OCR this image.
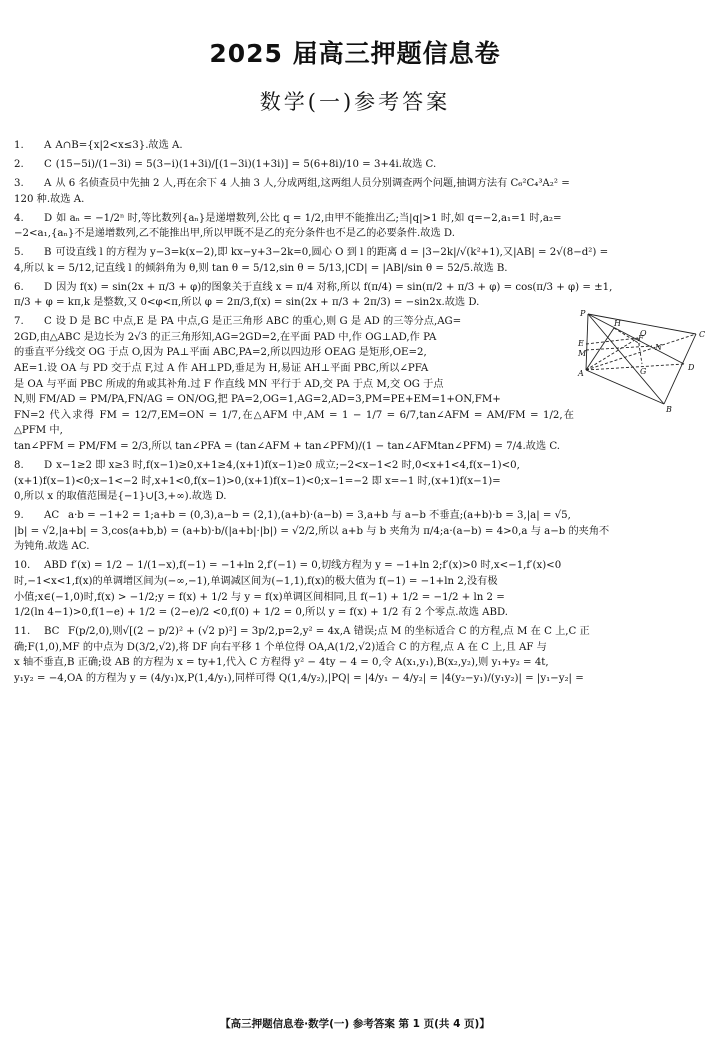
2025 届高三押题信息卷
数学(一)参考答案
1. A A∩B={x|2<x≤3}.故选 A.
2. C (15−5i)/(1−3i) = 5(3−i)(1+3i)/[(1−3i)(1+3i)] = 5(6+8i)/10 = 3+4i.故选 C.
3. A 从 6 名侦查员中先抽 2 人,再在余下 4 人抽 3 人,分成两组,这两组人员分别调查两个问题,抽调方法有 C₆²C₄³A₂² =
120 种.故选 A.
4. D 如 aₙ = −1/2ⁿ 时,等比数列{aₙ}是递增数列,公比 q = 1/2,由甲不能推出乙;当|q|>1 时,如 q=−2,a₁=1 时,a₂=
−2<a₁,{aₙ}不是递增数列,乙不能推出甲,所以甲既不是乙的充分条件也不是乙的必要条件.故选 D.
5. B 可设直线 l 的方程为 y−3=k(x−2),即 kx−y+3−2k=0,圆心 O 到 l 的距离 d = |3−2k|/√(k²+1),又|AB| = 2√(8−d²) =
4,所以 k = 5/12,记直线 l 的倾斜角为 θ,则 tan θ = 5/12,sin θ = 5/13,|CD| = |AB|/sin θ = 52/5.故选 B.
6. D 因为 f(x) = sin(2x + π/3 + φ)的图象关于直线 x = π/4 对称,所以 f(π/4) = sin(π/2 + π/3 + φ) = cos(π/3 + φ) = ±1,
π/3 + φ = kπ,k 是整数,又 0<φ<π,所以 φ = 2π/3,f(x) = sin(2x + π/3 + 2π/3) = −sin2x.故选 D.
7. C 设 D 是 BC 中点,E 是 PA 中点,G 是正三角形 ABC 的重心,则 G 是 AD 的三等分点,AG=
2GD,由△ABC 是边长为 2√3 的正三角形知,AG=2GD=2,在平面 PAD 中,作 OG⊥AD,作 PA
的垂直平分线交 OG 于点 O,因为 PA⊥平面 ABC,PA=2,所以四边形 OEAG 是矩形,OE=2,
AE=1.设 OA 与 PD 交于点 F,过 A 作 AH⊥PD,垂足为 H,易证 AH⊥平面 PBC,所以∠PFA
是 OA 与平面 PBC 所成的角或其补角.过 F 作直线 MN 平行于 AD,交 PA 于点 M,交 OG 于点
N,则 FM/AD = PM/PA,FN/AG = ON/OG,把 PA=2,OG=1,AG=2,AD=3,PM=PE+EM=1+ON,FM+
FN=2 代入求得 FM = 12/7,EM=ON = 1/7,在△AFM 中,AM = 1 − 1/7 = 6/7,tan∠AFM = AM/FM = 1/2,在△PFM 中,
tan∠PFM = PM/FM = 2/3,所以 tan∠PFA = (tan∠AFM + tan∠PFM)/(1 − tan∠AFMtan∠PFM) = 7/4.故选 C.
P
H
E
M
F
O
N
A	G	D
C
B
8. D x−1≥2 即 x≥3 时,f(x−1)≥0,x+1≥4,(x+1)f(x−1)≥0 成立;−2<x−1<2 时,0<x+1<4,f(x−1)<0,
(x+1)f(x−1)<0;x−1<−2 时,x+1<0,f(x−1)>0,(x+1)f(x−1)<0;x−1=−2 即 x=−1 时,(x+1)f(x−1)=
0,所以 x 的取值范围是{−1}∪[3,+∞).故选 D.
9. AC a·b = −1+2 = 1;a+b = (0,3),a−b = (2,1),(a+b)·(a−b) = 3,a+b 与 a−b 不垂直;(a+b)·b = 3,|a| = √5,
|b| = √2,|a+b| = 3,cos⟨a+b,b⟩ = (a+b)·b/(|a+b|·|b|) = √2/2,所以 a+b 与 b 夹角为 π/4;a·(a−b) = 4>0,a 与 a−b 的夹角不
为钝角.故选 AC.
10. ABD f′(x) = 1/2 − 1/(1−x),f(−1) = −1+ln 2,f′(−1) = 0,切线方程为 y = −1+ln 2;f′(x)>0 时,x<−1,f′(x)<0
时,−1<x<1,f(x)的单调增区间为(−∞,−1),单调减区间为(−1,1),f(x)的极大值为 f(−1) = −1+ln 2,没有极
小值;x∈(−1,0)时,f(x) > −1/2;y = f(x) + 1/2 与 y = f(x)单调区间相同,且 f(−1) + 1/2 = −1/2 + ln 2 =
1/2(ln 4−1)>0,f(1−e) + 1/2 = (2−e)/2 <0,f(0) + 1/2 = 0,所以 y = f(x) + 1/2 有 2 个零点.故选 ABD.
11. BC F(p/2,0),则√[(2 − p/2)² + (√2 p)²] = 3p/2,p=2,y² = 4x,A 错误;点 M 的坐标适合 C 的方程,点 M 在 C 上,C 正
确;F(1,0),MF 的中点为 D(3/2,√2),将 DF 向右平移 1 个单位得 OA,A(1/2,√2)适合 C 的方程,点 A 在 C 上,且 AF 与
x 轴不垂直,B 正确;设 AB 的方程为 x = ty+1,代入 C 方程得 y² − 4ty − 4 = 0,令 A(x₁,y₁),B(x₂,y₂),则 y₁+y₂ = 4t,
y₁y₂ = −4,OA 的方程为 y = (4/y₁)x,P(1,4/y₁),同样可得 Q(1,4/y₂),|PQ| = |4/y₁ − 4/y₂| = |4(y₂−y₁)/(y₁y₂)| = |y₁−y₂| =
【高三押题信息卷·数学(一) 参考答案 第 1 页(共 4 页)】
